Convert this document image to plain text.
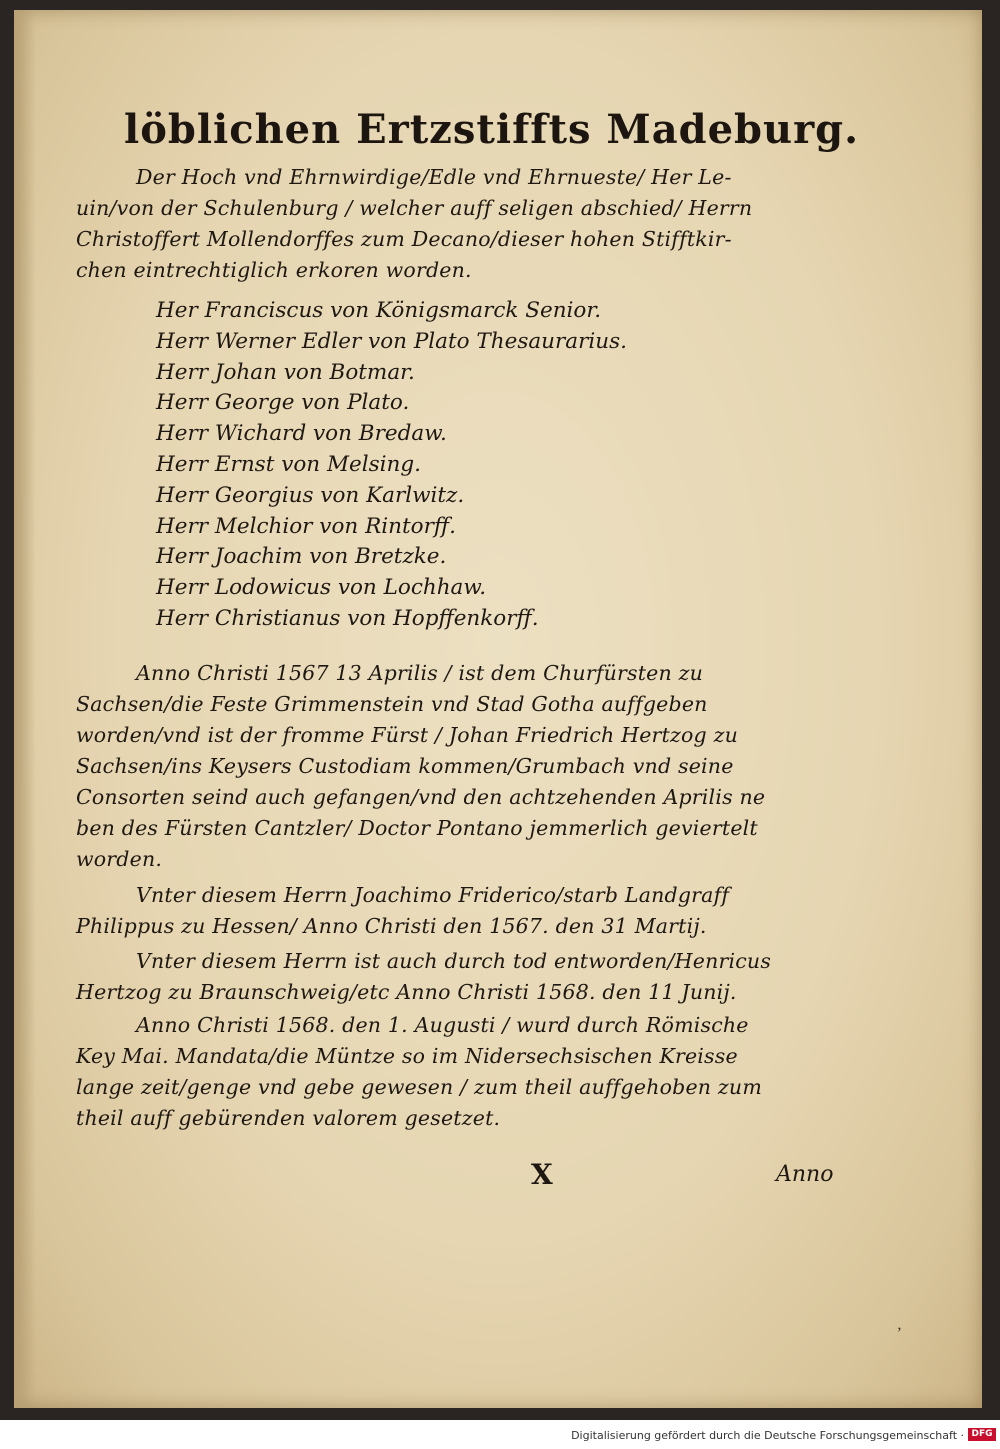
löblichen Ertzstiffts Madeburg.
Der Hoch vnd Ehrnwirdige/Edle vnd Ehrnueste/ Her Le-
uin/von der Schulenburg / welcher auff seligen abschied/ Herrn
Christoffert Mollendorffes zum Decano/dieser hohen Stifftkir-
chen eintrechtiglich erkoren worden.
Her Franciscus von Königsmarck Senior.
Herr Werner Edler von Plato Thesaurarius.
Herr Johan von Botmar.
Herr George von Plato.
Herr Wichard von Bredaw.
Herr Ernst von Melsing.
Herr Georgius von Karlwitz.
Herr Melchior von Rintorff.
Herr Joachim von Bretzke.
Herr Lodowicus von Lochhaw.
Herr Christianus von Hopffenkorff.
Anno Christi 1567 13 Aprilis / ist dem Churfürsten zu
Sachsen/die Feste Grimmenstein vnd Stad Gotha auffgeben
worden/vnd ist der fromme Fürst / Johan Friedrich Hertzog zu
Sachsen/ins Keysers Custodiam kommen/Grumbach vnd seine
Consorten seind auch gefangen/vnd den achtzehenden Aprilis ne
ben des Fürsten Cantzler/ Doctor Pontano jemmerlich geviertelt
worden.
Vnter diesem Herrn Joachimo Friderico/starb Landgraff
Philippus zu Hessen/ Anno Christi den 1567. den 31 Martij.
Vnter diesem Herrn ist auch durch tod entworden/Henricus
Hertzog zu Braunschweig/etc Anno Christi 1568. den 11 Junij.
Anno Christi 1568. den 1. Augusti / wurd durch Römische
Key Mai. Mandata/die Müntze so im Nidersechsischen Kreisse
lange zeit/genge vnd gebe gewesen / zum theil auffgehoben zum
theil auff gebürenden valorem gesetzet.
X	Anno
ʼ
Digitalisierung gefördert durch die Deutsche Forschungsgemeinschaft · DFG
